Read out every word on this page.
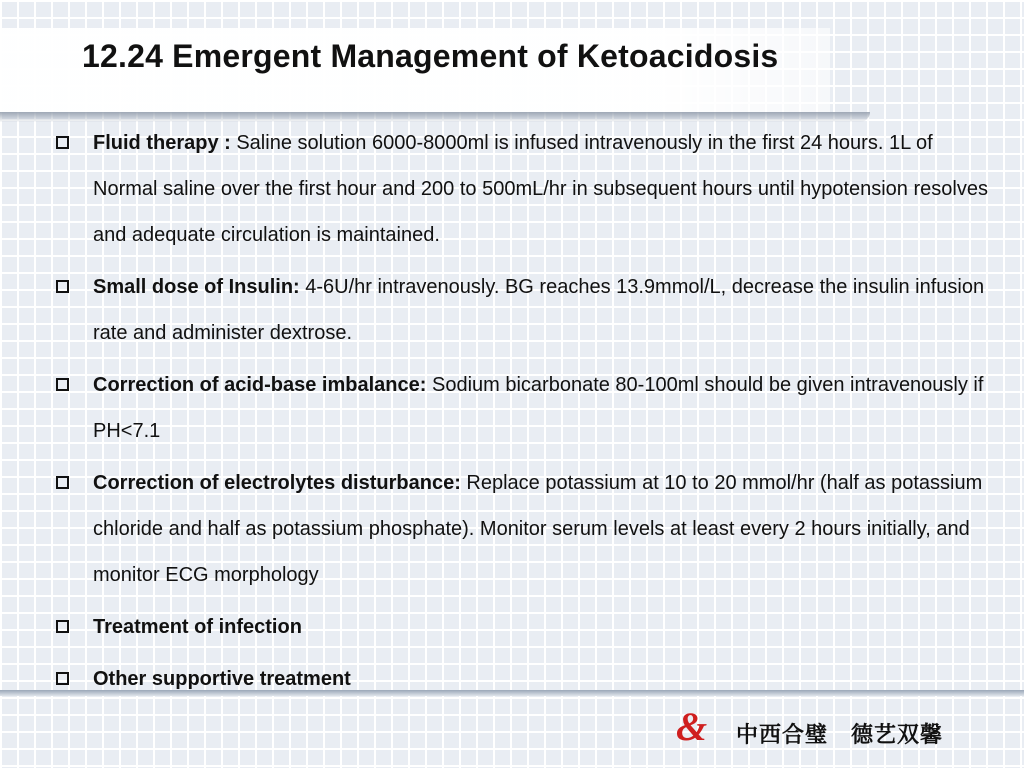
12.24 Emergent Management of Ketoacidosis
Fluid therapy : Saline solution 6000-8000ml is infused intravenously in the first 24 hours. 1L of Normal saline over the first hour and 200 to 500mL/hr in subsequent hours until hypotension resolves and adequate circulation is maintained.
Small dose of Insulin: 4-6U/hr intravenously. BG reaches 13.9mmol/L, decrease the insulin infusion rate and administer dextrose.
Correction of acid-base imbalance: Sodium bicarbonate 80-100ml should be given intravenously if PH<7.1
Correction of electrolytes disturbance: Replace potassium at 10 to 20 mmol/hr (half as potassium chloride and half as potassium phosphate). Monitor serum levels at least every 2 hours initially, and monitor ECG morphology
Treatment of infection
Other supportive treatment
& 中西合璧　德艺双馨
